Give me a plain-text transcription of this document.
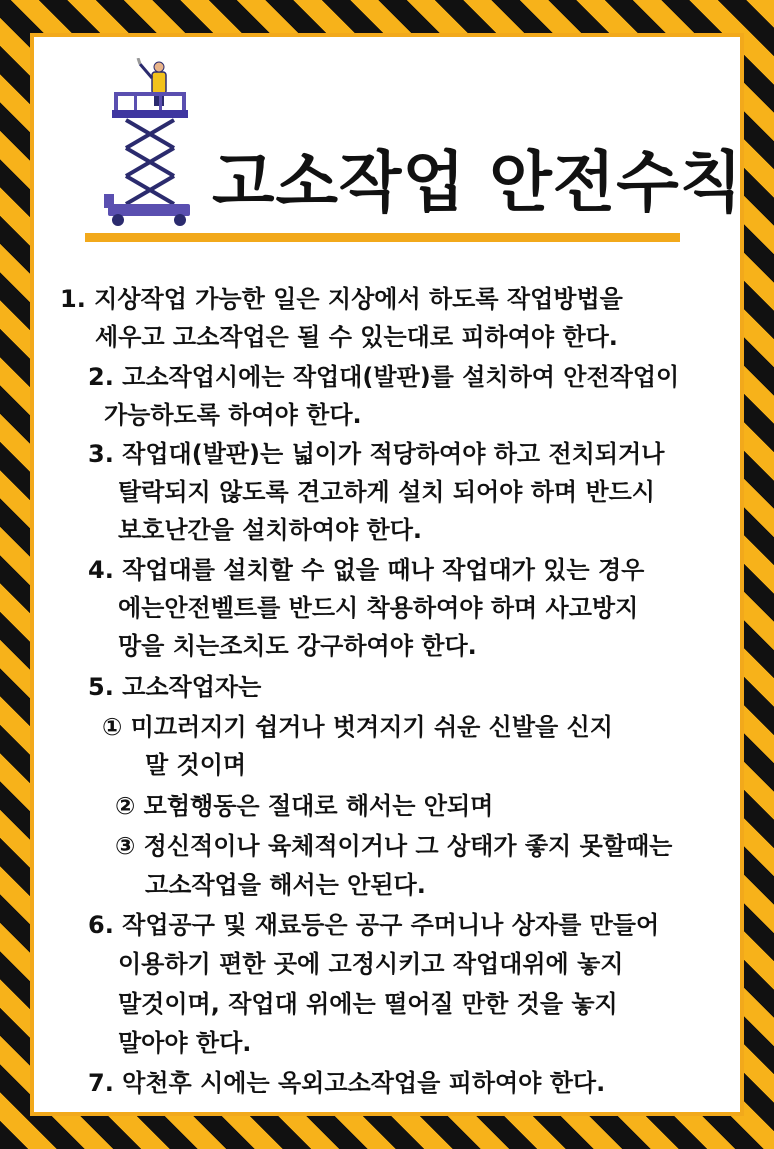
고소작업 안전수칙
1. 지상작업 가능한 일은 지상에서 하도록 작업방법을
세우고 고소작업은 될 수 있는대로 피하여야 한다.
2. 고소작업시에는 작업대(발판)를 설치하여 안전작업이
가능하도록 하여야 한다.
3. 작업대(발판)는 넓이가 적당하여야 하고 전치되거나
탈락되지 않도록 견고하게 설치 되어야 하며 반드시
보호난간을 설치하여야 한다.
4. 작업대를 설치할 수 없을 때나 작업대가 있는 경우
에는안전벨트를 반드시 착용하여야 하며 사고방지
망을 치는조치도 강구하여야 한다.
5. 고소작업자는
① 미끄러지기 쉽거나 벗겨지기 쉬운 신발을 신지
말 것이며
② 모험행동은 절대로 해서는 안되며
③ 정신적이나 육체적이거나 그 상태가 좋지 못할때는
고소작업을 해서는 안된다.
6. 작업공구 및 재료등은 공구 주머니나 상자를 만들어
이용하기 편한 곳에 고정시키고 작업대위에 놓지
말것이며, 작업대 위에는 떨어질 만한 것을 놓지
말아야 한다.
7. 악천후 시에는 옥외고소작업을 피하여야 한다.
